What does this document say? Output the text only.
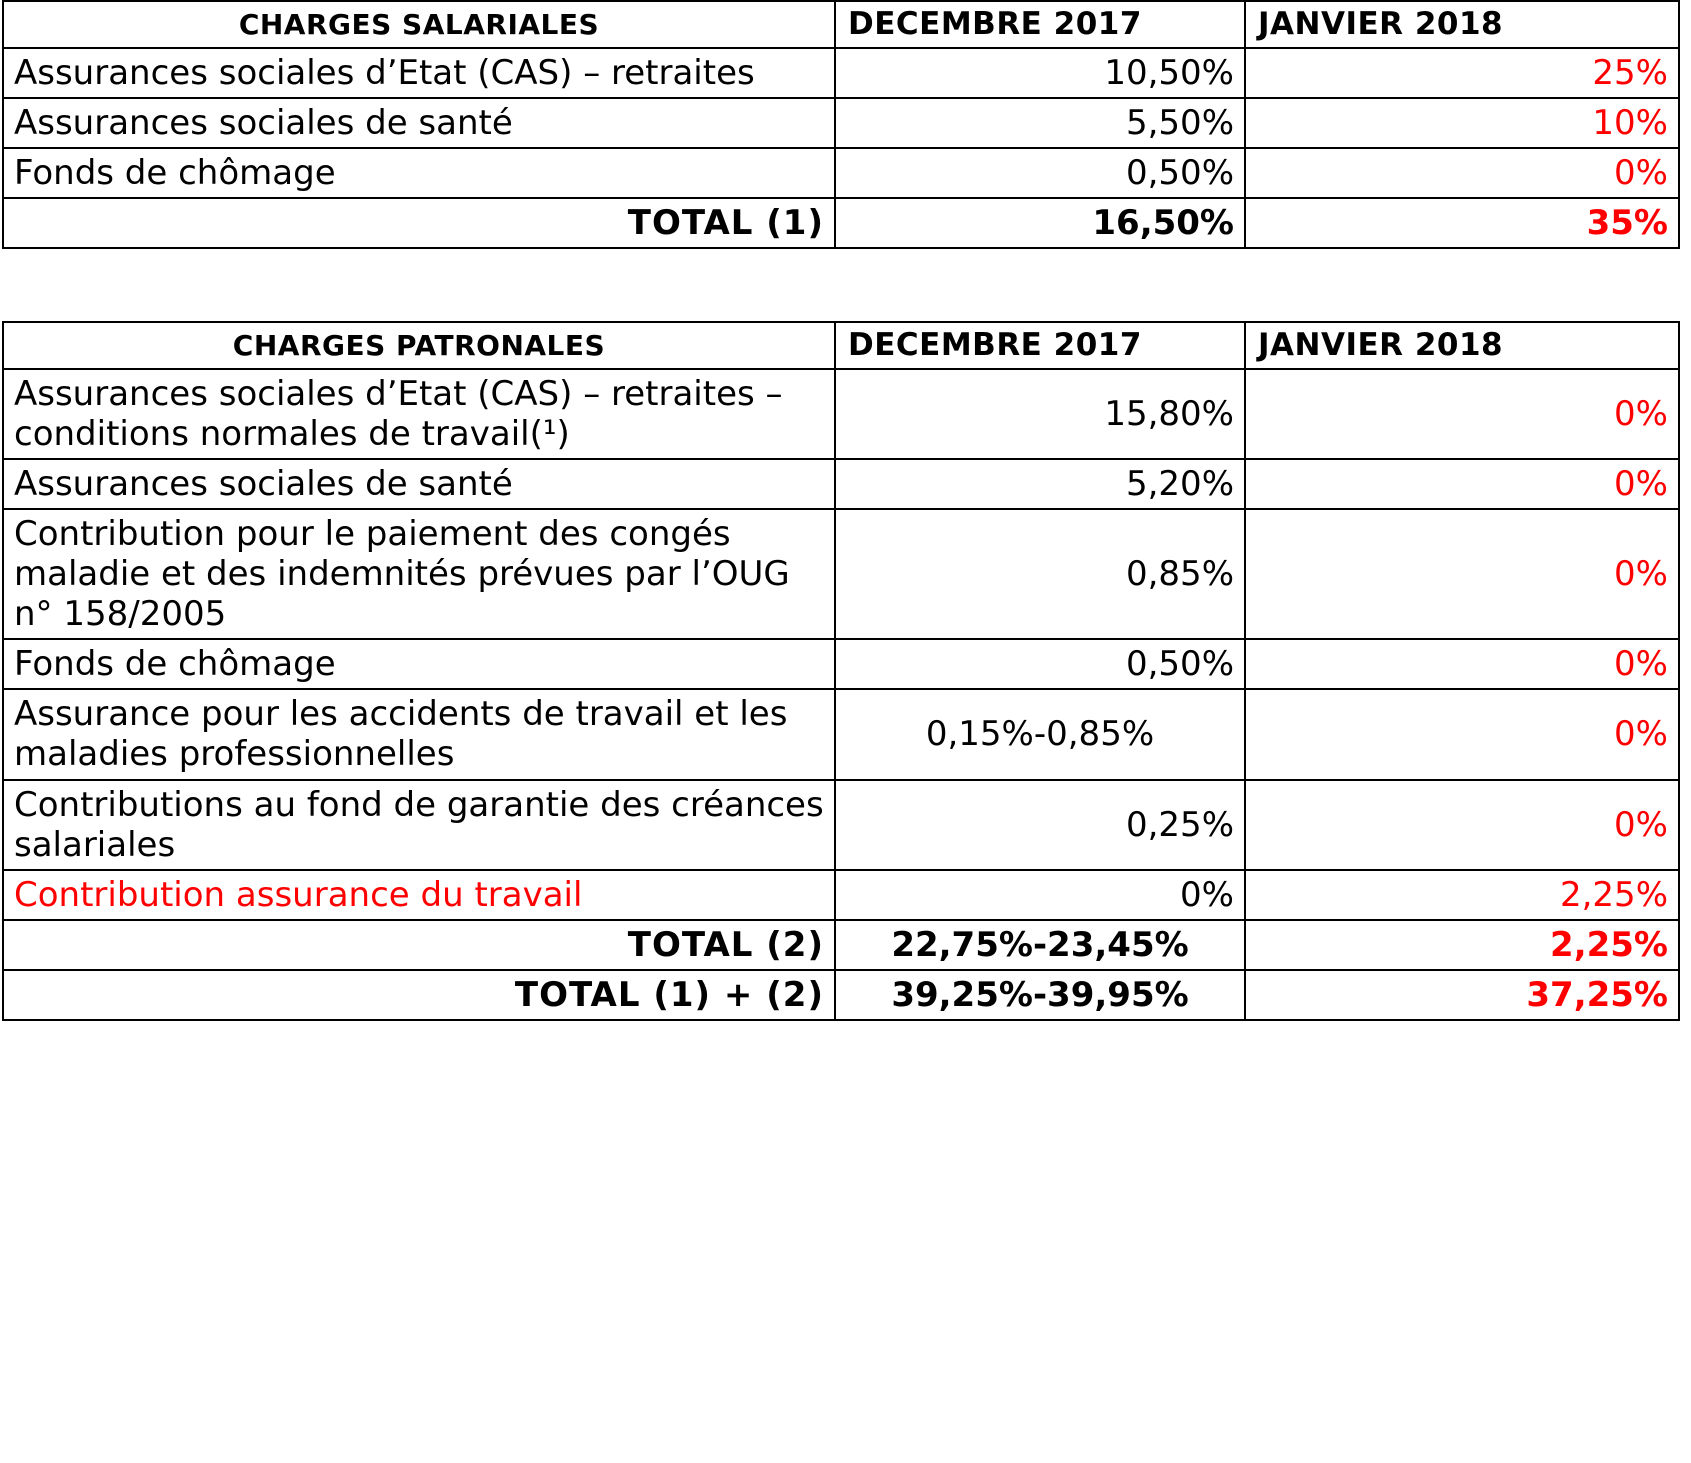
CHARGES SALARIALES	DECEMBRE 2017	JANVIER 2018
Assurances sociales d’Etat (CAS) – retraites	10,50%	25%
Assurances sociales de santé	5,50%	10%
Fonds de chômage	0,50%	0%
TOTAL (1)	16,50%	35%
CHARGES PATRONALES	DECEMBRE 2017	JANVIER 2018
Assurances sociales d’Etat (CAS) – retraites – conditions normales de travail(¹)	15,80%	0%
Assurances sociales de santé	5,20%	0%
Contribution pour le paiement des congés maladie et des indemnités prévues par l’OUG n° 158/2005	0,85%	0%
Fonds de chômage	0,50%	0%
Assurance pour les accidents de travail et les maladies professionnelles	0,15%-0,85%	0%
Contributions au fond de garantie des créances salariales	0,25%	0%
Contribution assurance du travail	0%	2,25%
TOTAL (2)	22,75%-23,45%	2,25%
TOTAL (1) + (2)	39,25%-39,95%	37,25%
